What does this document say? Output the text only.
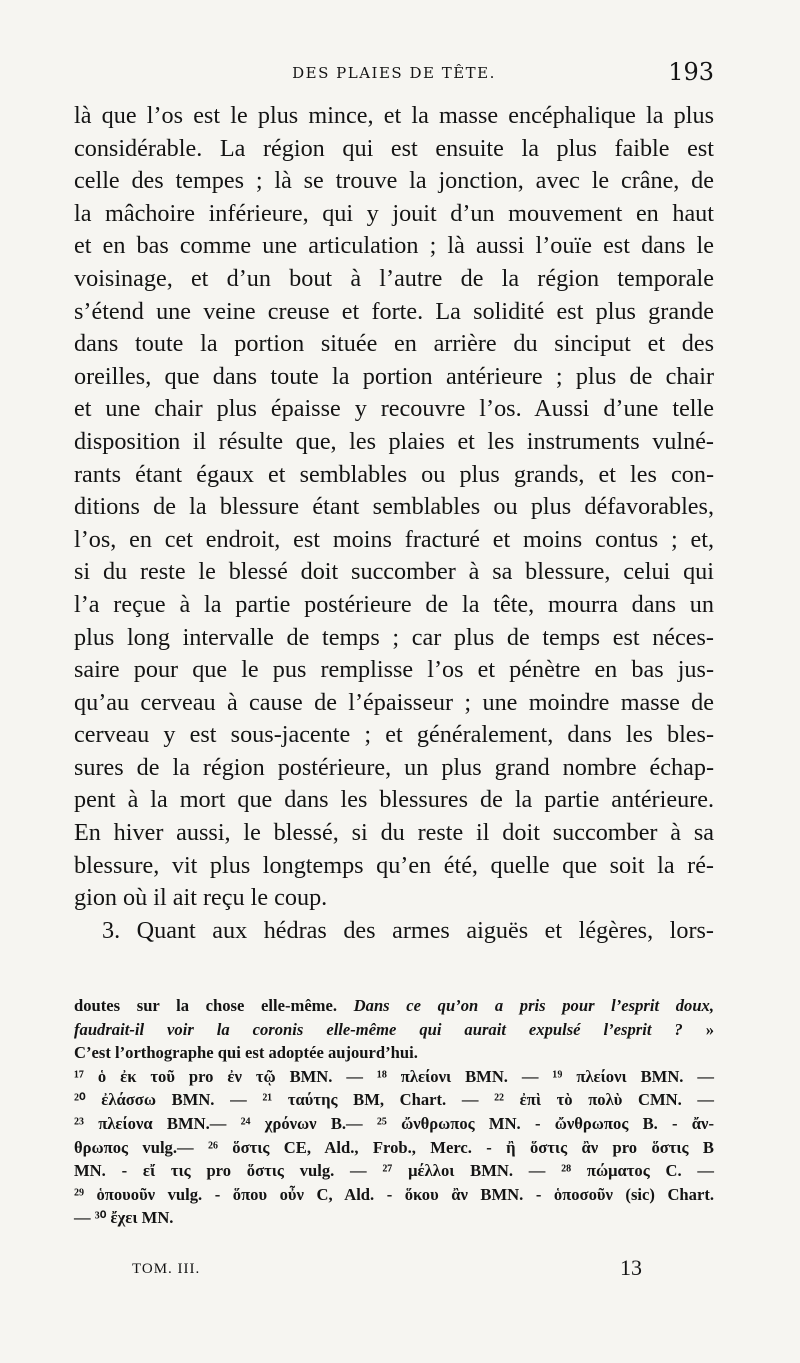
DES PLAIES DE TÊTE.	193
là que l’os est le plus mince, et la masse encéphalique la plus
considérable. La région qui est ensuite la plus faible est
celle des tempes ; là se trouve la jonction, avec le crâne, de
la mâchoire inférieure, qui y jouit d’un mouvement en haut
et en bas comme une articulation ; là aussi l’ouïe est dans le
voisinage, et d’un bout à l’autre de la région temporale
s’étend une veine creuse et forte. La solidité est plus grande
dans toute la portion située en arrière du sinciput et des
oreilles, que dans toute la portion antérieure ; plus de chair
et une chair plus épaisse y recouvre l’os. Aussi d’une telle
disposition il résulte que, les plaies et les instruments vulné-
rants étant égaux et semblables ou plus grands, et les con-
ditions de la blessure étant semblables ou plus défavorables,
l’os, en cet endroit, est moins fracturé et moins contus ; et,
si du reste le blessé doit succomber à sa blessure, celui qui
l’a reçue à la partie postérieure de la tête, mourra dans un
plus long intervalle de temps ; car plus de temps est néces-
saire pour que le pus remplisse l’os et pénètre en bas jus-
qu’au cerveau à cause de l’épaisseur ; une moindre masse de
cerveau y est sous-jacente ; et généralement, dans les bles-
sures de la région postérieure, un plus grand nombre échap-
pent à la mort que dans les blessures de la partie antérieure.
En hiver aussi, le blessé, si du reste il doit succomber à sa
blessure, vit plus longtemps qu’en été, quelle que soit la ré-
gion où il ait reçu le coup.
3. Quant aux hédras des armes aiguës et légères, lors-
doutes sur la chose elle-même. Dans ce qu’on a pris pour l’esprit doux,
faudrait-il voir la coronis elle-même qui aurait expulsé l’esprit ? »
C’est l’orthographe qui est adoptée aujourd’hui.
¹⁷ ὁ ἐκ τοῦ pro ἐν τῷ BMN. — ¹⁸ πλείονι BMN. — ¹⁹ πλείονι BMN. —
²⁰ ἐλάσσω BMN. — ²¹ ταύτης BM, Chart. — ²² ἐπὶ τὸ πολὺ CMN. —
²³ πλείονα BMN.— ²⁴ χρόνων B.— ²⁵ ὤνθρωπος MN. - ὤνθρωπος B. - ἄν-
θρωπος vulg.— ²⁶ ὅστις CE, Ald., Frob., Merc. - ἢ ὅστις ἂν pro ὅστις B
MN. - εἴ τις pro ὅστις vulg. — ²⁷ μέλλοι BMN. — ²⁸ πώματος C. —
²⁹ ὁπουοῦν vulg. - ὅπου οὖν C, Ald. - ὅκου ἂν BMN. - ὁποσοῦν (sic) Chart.
— ³⁰ ἔχει MN.
TOM. III.	13
